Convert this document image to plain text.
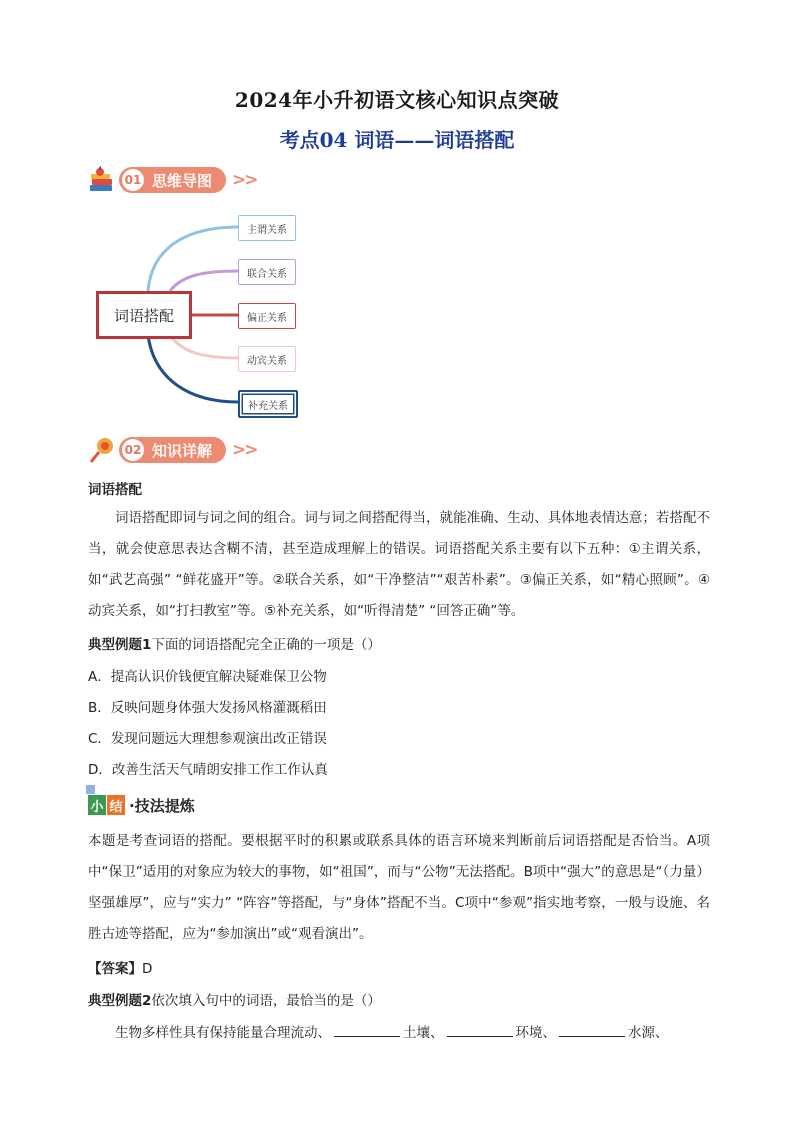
2024年小升初语文核心知识点突破
考点04 词语——词语搭配
01 思维导图 >>
词语搭配
主谓关系
联合关系
偏正关系
动宾关系
补充关系
02 知识详解 >>
词语搭配

词语搭配即词与词之间的组合。词与词之间搭配得当，就能准确、生动、具体地表情达意；若搭配不当，就会使意思表达含糊不清，甚至造成理解上的错误。词语搭配关系主要有以下五种：①主谓关系，如“武艺高强” “鲜花盛开”等。②联合关系，如“干净整洁”“艰苦朴素”。③偏正关系，如“精心照顾”。④动宾关系，如“打扫教室”等。⑤补充关系，如“听得清楚” “回答正确”等。

典型例题1下面的词语搭配完全正确的一项是（）
A．提高认识价钱便宜解决疑难保卫公物
B．反映问题身体强大发扬风格灌溉稻田
C．发现问题远大理想参观演出改正错误
D．改善生活天气晴朗安排工作工作认真
小 结 ·技法提炼

本题是考查词语的搭配。要根据平时的积累或联系具体的语言环境来判断前后词语搭配是否恰当。A项中“保卫”适用的对象应为较大的事物，如“祖国”，而与“公物”无法搭配。B项中“强大”的意思是“（力量）坚强雄厚”，应与“实力” “阵容”等搭配，与“身体”搭配不当。C项中“参观”指实地考察，一般与设施、名胜古迹等搭配，应为“参加演出”或“观看演出”。

【答案】D
典型例题2依次填入句中的词语，最恰当的是（）
生物多样性具有保持能量合理流动、	土壤、	环境、	水源、
